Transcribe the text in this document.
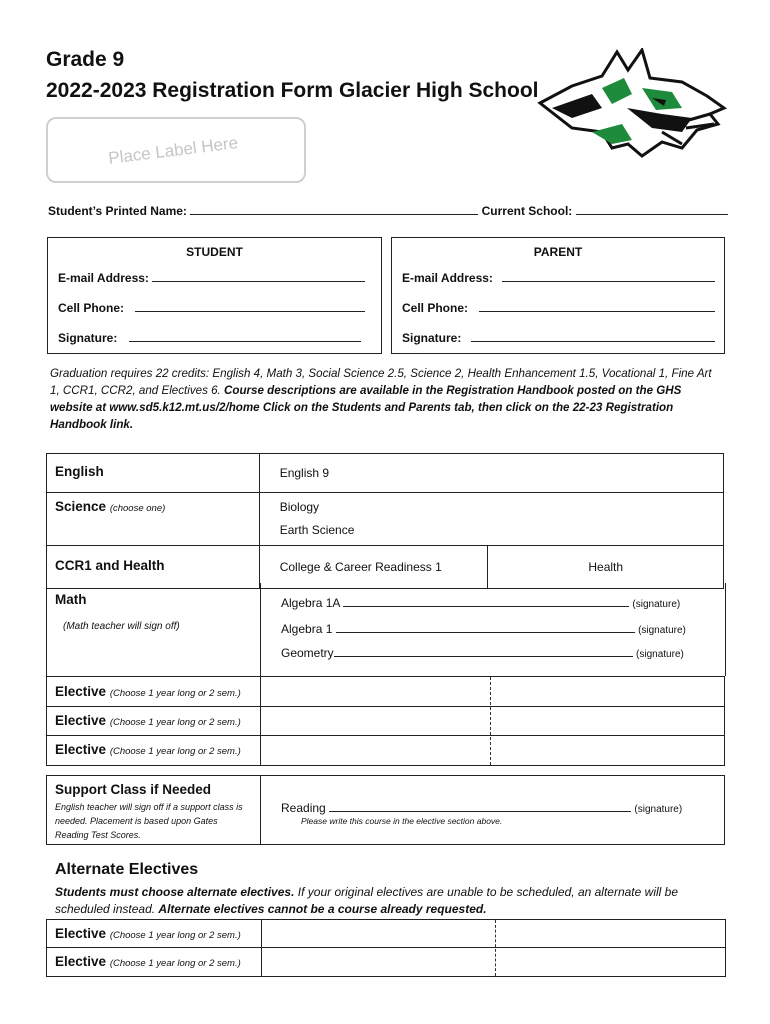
Grade 9
2022-2023 Registration Form Glacier High School
Place Label Here
Student’s Printed Name:	Current School:
STUDENT
E-mail Address:
Cell Phone:
Signature:
PARENT
E-mail Address:
Cell Phone:
Signature:
Graduation requires 22 credits: English 4, Math 3, Social Science 2.5, Science 2, Health Enhancement 1.5, Vocational 1, Fine Art 1, CCR1, CCR2, and Electives 6. Course descriptions are available in the Registration Handbook posted on the GHS website at www.sd5.k12.mt.us/2/home Click on the Students and Parents tab, then click on the 22-23 Registration Handbook link.
English	English 9	

Science (choose one)	Biology
Earth Science	

CCR1 and Health	College & Career Readiness 1	Health
Math
(Math teacher will sign off)
Algebra 1A	(signature)
Algebra 1	(signature)
Geometry	(signature)
Elective (Choose 1 year long or 2 sem.)
Elective (Choose 1 year long or 2 sem.)
Elective (Choose 1 year long or 2 sem.)
Support Class if Needed
English teacher will sign off if a support class is needed. Placement is based upon Gates Reading Test Scores.
Reading	(signature)
Please write this course in the elective section above.
Alternate Electives
Students must choose alternate electives. If your original electives are unable to be scheduled, an alternate will be scheduled instead. Alternate electives cannot be a course already requested.
Elective (Choose 1 year long or 2 sem.)
Elective (Choose 1 year long or 2 sem.)
